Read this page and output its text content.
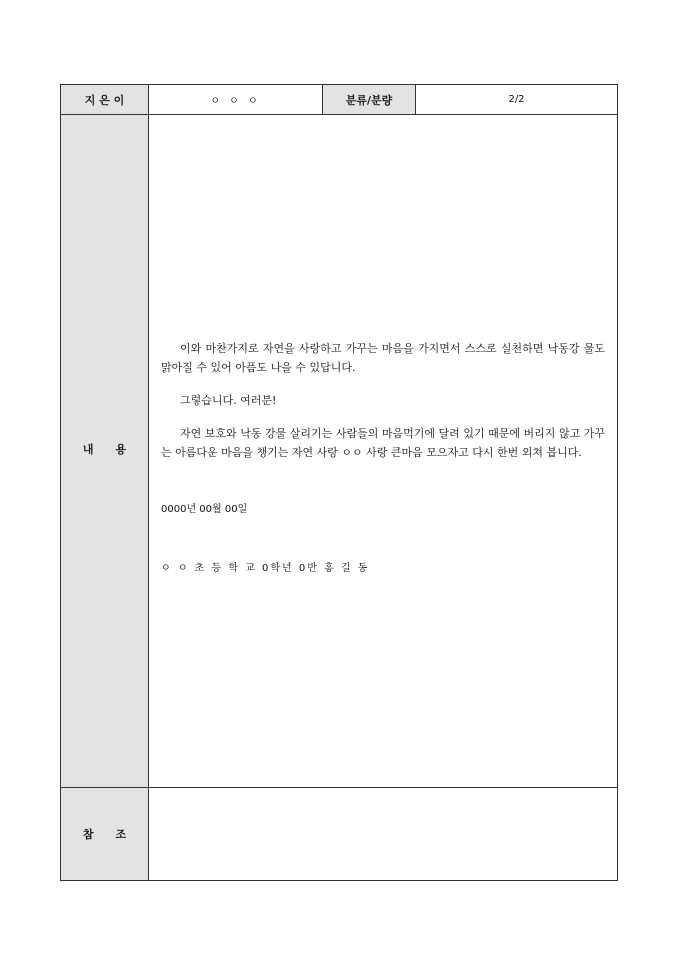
지 은 이	ㅇ ㅇ ㅇ	분류/분량	2/2

내　　용	이와 마찬가지로 자연을 사랑하고 가꾸는 마음을 가지면서 스스로 실천하면 낙동강 물도 맑아질 수 있어 아픔도 나을 수 있답니다.

그렇습니다. 여러분!

자연 보호와 낙동 강물 살리기는 사람들의 마음먹기에 달려 있기 때문에 버리지 않고 가꾸는 아름다운 마음을 챙기는 자연 사랑 ㅇㅇ 사랑 큰마음 모으자고 다시 한번 외쳐 봅니다.

0000년 00월 00일

ㅇ ㅇ 초 등 학 교 0학년 0반 홍 길 동		

참　　조			
